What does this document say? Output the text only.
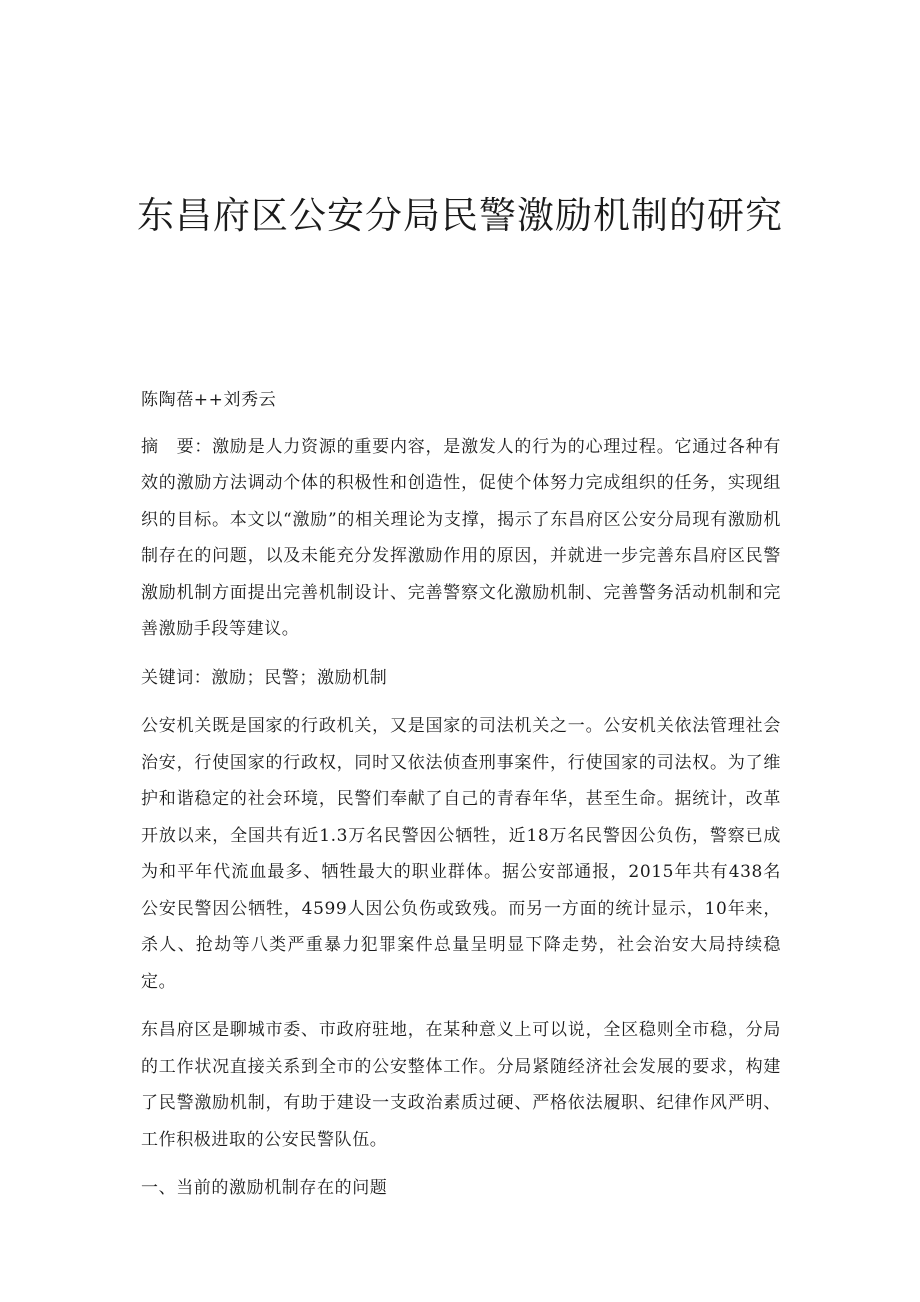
东昌府区公安分局民警激励机制的研究

陈陶蓓++刘秀云

摘　要：激励是人力资源的重要内容，是激发人的行为的心理过程。它通过各种有效的激励方法调动个体的积极性和创造性，促使个体努力完成组织的任务，实现组织的目标。本文以“激励”的相关理论为支撑，揭示了东昌府区公安分局现有激励机制存在的问题，以及未能充分发挥激励作用的原因，并就进一步完善东昌府区民警激励机制方面提出完善机制设计、完善警察文化激励机制、完善警务活动机制和完善激励手段等建议。

关键词：激励；民警；激励机制

公安机关既是国家的行政机关，又是国家的司法机关之一。公安机关依法管理社会治安，行使国家的行政权，同时又依法侦查刑事案件，行使国家的司法权。为了维护和谐稳定的社会环境，民警们奉献了自己的青春年华，甚至生命。据统计，改革开放以来，全国共有近1.3万名民警因公牺牲，近18万名民警因公负伤，警察已成为和平年代流血最多、牺牲最大的职业群体。据公安部通报，2015年共有438名公安民警因公牺牲，4599人因公负伤或致残。而另一方面的统计显示，10年来，杀人、抢劫等八类严重暴力犯罪案件总量呈明显下降走势，社会治安大局持续稳定。

东昌府区是聊城市委、市政府驻地，在某种意义上可以说，全区稳则全市稳，分局的工作状况直接关系到全市的公安整体工作。分局紧随经济社会发展的要求，构建了民警激励机制，有助于建设一支政治素质过硬、严格依法履职、纪律作风严明、工作积极进取的公安民警队伍。

一、当前的激励机制存在的问题
